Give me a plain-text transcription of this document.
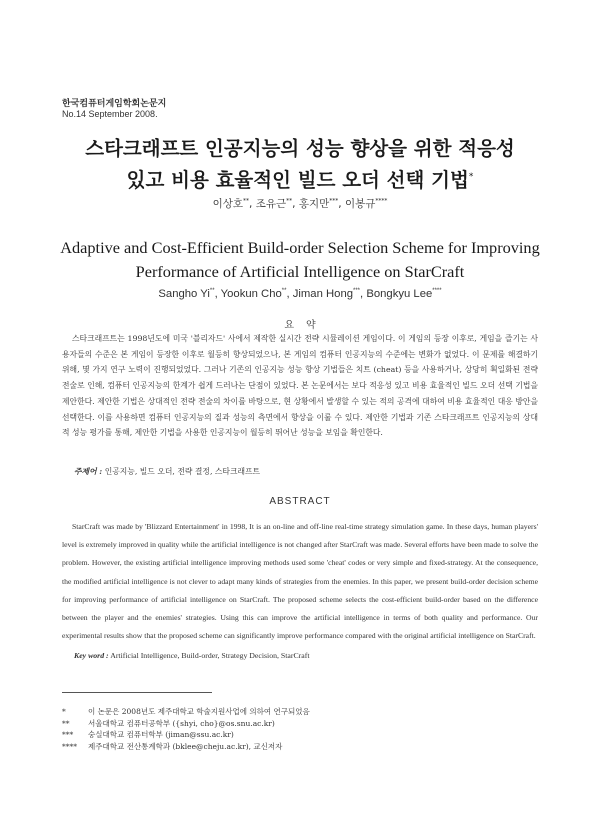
한국컴퓨터게임학회논문지
No.14 September 2008.
스타크래프트 인공지능의 성능 향상을 위한 적응성
있고 비용 효율적인 빌드 오더 선택 기법*
이상호**, 조유근**, 홍지만***, 이봉규****
Adaptive and Cost-Efficient Build-order Selection Scheme for Improving
Performance of Artificial Intelligence on StarCraft
Sangho Yi**, Yookun Cho**, Jiman Hong***, Bongkyu Lee****
요약
스타크래프트는 1998년도에 미국 '블리자드' 사에서 제작한 실시간 전략 시뮬레이션 게임이다. 이 게임의 등장 이후로, 게임을 즐기는 사용자들의 수준은 본 게임이 등장한 이후로 월등히 향상되었으나, 본 게임의 컴퓨터 인공지능의 수준에는 변화가 없었다. 이 문제를 해결하기 위해, 몇 가지 연구 노력이 진행되었었다. 그러나 기존의 인공지능 성능 향상 기법들은 치트 (cheat) 등을 사용하거나, 상당히 획일화된 전략 전술로 인해, 컴퓨터 인공지능의 한계가 쉽게 드러나는 단점이 있었다. 본 논문에서는 보다 적응성 있고 비용 효율적인 빌드 오더 선택 기법을 제안한다. 제안한 기법은 상대적인 전략 전술의 차이를 바탕으로, 현 상황에서 발생할 수 있는 적의 공격에 대하여 비용 효율적인 대응 방안을 선택한다. 이를 사용하면 컴퓨터 인공지능의 질과 성능의 측면에서 향상을 이룰 수 있다. 제안한 기법과 기존 스타크래프트 인공지능의 상대적 성능 평가를 통해, 제안한 기법을 사용한 인공지능이 월등히 뛰어난 성능을 보임을 확인한다.
주제어 : 인공지능, 빌드 오더, 전략 결정, 스타크래프트
ABSTRACT
StarCraft was made by 'Blizzard Entertainment' in 1998, It is an on-line and off-line real-time strategy simulation game. In these days, human players' level is extremely improved in quality while the artificial intelligence is not changed after StarCraft was made. Several efforts have been made to solve the problem. However, the existing artificial intelligence improving methods used some 'cheat' codes or very simple and fixed-strategy. At the consequence, the modified artificial intelligence is not clever to adapt many kinds of strategies from the enemies. In this paper, we present build-order decision scheme for improving performance of artificial intelligence on StarCraft. The proposed scheme selects the cost-efficient build-order based on the difference between the player and the enemies' strategies. Using this can improve the artificial intelligence in terms of both quality and performance. Our experimental results show that the proposed scheme can significantly improve performance compared with the original artificial intelligence on StarCraft.
Key word : Artificial Intelligence, Build-order, Strategy Decision, StarCraft
*	이 논문은 2008년도 제주대학교 학술지원사업에 의하여 연구되었음
**	서울대학교 컴퓨터공학부 ({shyi, cho}@os.snu.ac.kr)
***	숭실대학교 컴퓨터학부 (jiman@ssu.ac.kr)
****	제주대학교 전산통계학과 (bklee@cheju.ac.kr), 교신저자
